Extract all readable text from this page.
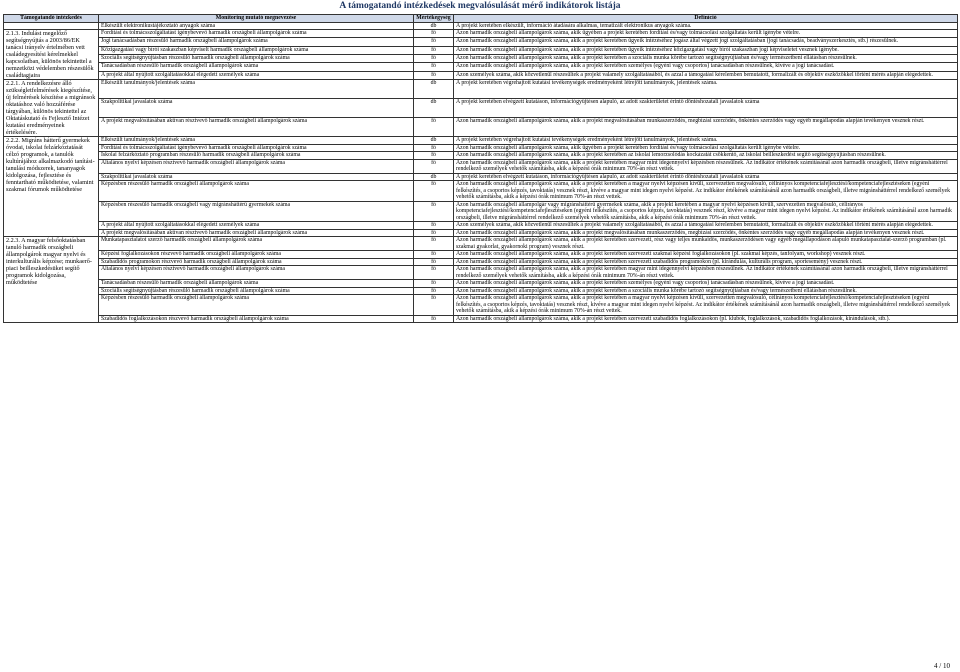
A támogatandó intézkedések megvalósulását mérő indikátorok listája
Támogatandó intézkedés	Monitoring mutató megnevezése	Mértékegység	Definíció
	Elkészült elektronikustájékoztató anyagok száma	db	A projekt keretében elkészült, információ átadására alkalmas, tematizált elektronikus anyagok száma.
2.1.3. Indulást megelőző segítségnyújtás a 2003/86/EK tanácsi irányelv értelmében vett családegyesítési kérelmekkel kapcsolatban, különös tekintettel a nemzetközi védelemben részesülők családtagjaira	Fordítási és tolmácsszolgáltatást igénybevevő harmadik országbeli állampolgárok száma	fő	Azon harmadik országbeli állampolgárok száma, akik ügyében a projekt keretében fordítási és/vagy tolmácsolási szolgáltatás került igénybe vételre.
	Jogi tanácsadásban részesülő harmadik országbeli állampolgárok száma	fő	Azon harmadik országbeli állampolgárok száma, akik a projekt keretében ügyeik intézéséhez jogász által végzett jogi szolgáltatásban (jogi tanácsadás, beadványszerkesztés, stb.) részesülnek.
	Közigazgatási vagy bírói szakaszban képviselt harmadik országbeli állampolgárok száma	fő	Azon harmadik országbeli állampolgárok száma, akik a projekt keretében ügyeik intézéséhez közigazgatási vagy bírói szakaszban jogi képviseletet vesznek igénybe.
	Szociális segítségnyújtásban részesülő harmadik országbeli állampolgárok száma	fő	Azon harmadik országbeli állampolgárok száma, akik a projekt keretében a szociális munka körébe tartozó segítségnyújtásban és/vagy természetbeni ellátásban részesülnek.
	Tanácsadásban részesülő harmadik országbeli állampolgárok száma	fő	Azon harmadik országbeli állampolgárok száma, akik a projekt keretében személyes (egyéni vagy csoportos) tanácsadásban részesülnek, kivéve a jogi tanácsadást.
	A projekt által nyújtott szolgáltatásokkal elégedett személyek száma	fő	Azon személyek száma, akik közvetlenül részesültek a projekt valamely szolgáltatásából, és azzal a támogatási kérelemben bemutatott, formalizált és objektív eszközökkel történt mérés alapján elégedettek.
2.2.1. A rendelkezésre álló szükségletfelmérések kiegészítése, új felmérések készítése a migránsok oktatáshoz való hozzáférése tárgyában, különös tekintettel az Oktatáskutató és Fejlesztő Intézet kutatási eredményeinek értékelésére.	Elkészült tanulmányok/jelentések száma	db	A projekt keretében végrehajtott kutatási tevékenységek eredményeként létrejött tanulmányok, jelentések száma.
	Szakpolitikai javaslatok száma	db	A projekt keretében elvégzett kutatáson, információgyűjtésen alapuló, az adott szakterületet érintő döntéshozatali javaslatok száma
	A projekt megvalósításában aktívan résztvevő harmadik országbeli állampolgárok száma	fő	Azon harmadik országbeli állampolgárok száma, akik a projekt megvalósításában munkaszerződés, megbízási szerződés, önkéntes szerződés vagy egyéb megállapodás alapján tevékenyen vesznek részt.
2.2.2. Migráns hátterű gyermekek óvodai, iskolai felzárkóztatását célzó programok, a tanulók kultúrájához alkalmazkodó tanítási-tanulási módszerek, tananyagok kidolgozása, fejlesztése és fenntartható működtetése, valamint szakmai fórumok működtetése	Elkészült tanulmányok/jelentések száma	db	A projekt keretében végrehajtott kutatási tevékenységek eredményeként létrejött tanulmányok, jelentések száma.
	Fordítási és tolmácsszolgáltatást igénybevevő harmadik országbeli állampolgárok száma	fő	Azon harmadik országbeli állampolgárok száma, akik ügyében a projekt keretében fordítási és/vagy tolmácsolási szolgáltatás került igénybe vételre.
	Iskolai felzárkóztató programban részesülő harmadik országbeli állampolgárok száma	fő	Azon harmadik országbeli állampolgárok száma, akik a projekt keretében az iskolai lemorzsolódás kockázatát csökkentő, az iskolai beilleszkedést segítő segítségnyújtásban részesülnek.
	Általános nyelvi képzésen résztvevő harmadik országbeli állampolgárok száma	fő	Azon harmadik országbeli állampolgárok száma, akik a projekt keretében magyar mint idegennyelvi képzésben részesülnek. Az indikátor értékének számításánál azon harmadik országbeli, illetve migránsháttérrel rendelkező személyek vehetők számításba, akik a képzési órák minimum 70%-án részt vettek.
	Szakpolitikai javaslatok száma	db	A projekt keretében elvégzett kutatáson, információgyűjtésen alapuló, az adott szakterületet érintő döntéshozatali javaslatok száma
	Képzésben részesülő harmadik országbeli állampolgárok száma	fő	Azon harmadik országbeli állampolgárok száma, akik a projekt keretében a magyar nyelvi képzésen kívüli, szervezetten megvalósuló, célirányos kompetenciafejlesztési/kompetenciafejlesztéseken (egyéni felkészítés, a csoportos képzés, tavoktatás) vesznek részt, kivéve a magyar mint idegen nyelvi képzést. Az indikátor értékének számításánál azon harmadik országbeli, illetve migránsháttérrel rendelkező személyek vehetők számításba, akik a képzési órák minimum 70%-án részt vettek.
	Képzésben részesülő harmadik országbeli vagy migránsháttérű gyermekek száma	fő	Azon harmadik országbeli állampolgár vagy migránsháttérű gyermekek száma, akik a projekt keretében a magyar nyelvi képzésen kívüli, szervezetten megvalósuló, célirányos kompetenciafejlesztési/kompetenciafejlesztéseken (egyéni felkészítés, a csoportos képzés, tavoktatás) vesznek részt, kivéve a magyar mint idegen nyelvi képzést. Az indikátor értékének számításánál azon harmadik országbeli, illetve migránsháttérrel rendelkező személyek vehetők számításba, akik a képzési órák minimum 70%-án részt vettek.
	A projekt által nyújtott szolgáltatásokkal elégedett személyek száma	fő	Azon személyek száma, akik közvetlenül részesültek a projekt valamely szolgáltatásából, és azzal a támogatási kérelemben bemutatott, formalizált és objektív eszközökkel történt mérés alapján elégedettek.
	A projekt megvalósításában aktívan résztvevő harmadik országbeli állampolgárok száma	fő	Azon harmadik országbeli állampolgárok száma, akik a projekt megvalósításában munkaszerződés, megbízási szerződés, önkéntes szerződés vagy egyéb megállapodás alapján tevékenyen vesznek részt.
2.2.3. A magyar felsőoktatásban tanuló harmadik országbeli állampolgárok magyar nyelvi és interkulturális képzése; munkaerő-piaci beilleszkedésüket segítő programok kidolgozása, működtetése	Munkatapasztalatot szerző harmadik országbeli állampolgárok száma	fő	Azon harmadik országbeli állampolgárok száma, akik a projekt keretében szervezett, rész vagy teljes munkaidős, munkaszerződésen vagy egyéb megállapodáson alapuló munkatapasztalat-szerző programban (pl. szakmai gyakorlat, gyakornoki program) vesznek részt.
	Képzési foglalkozásokon részvevő harmadik országbeli állampolgárok száma	fő	Azon harmadik országbeli állampolgárok száma, akik a projekt keretében szervezett szakmai képzési foglalkozásokon (pl. szakmai képzés, tanfolyam, workshop) vesznek részt.
	Szabadidős programokon részvevő harmadik országbeli állampolgárok száma	fő	Azon harmadik országbeli állampolgárok száma, akik a projekt keretében szervezett szabadidős programokon (pl. kirándulás, kulturális program, sportesemény) vesznek részt.
	Általános nyelvi képzésen résztvevő harmadik országbeli állampolgárok száma	fő	Azon harmadik országbeli állampolgárok száma, akik a projekt keretében magyar mint idegennyelvi képzésben részesülnek. Az indikátor értékének számításánál azon harmadik országbeli, illetve migránsháttérrel rendelkező személyek vehetők számításba, akik a képzési órák minimum 70%-án részt vettek.
	Tanácsadásban részesülő harmadik országbeli állampolgárok száma	fő	Azon harmadik országbeli állampolgárok száma, akik a projekt keretében személyes (egyéni vagy csoportos) tanácsadásban részesülnek, kivéve a jogi tanácsadást.
	Szociális segítségnyújtásban részesülő harmadik országbeli állampolgárok száma	fő	Azon harmadik országbeli állampolgárok száma, akik a projekt keretében a szociális munka körébe tartozó segítségnyújtásban és/vagy természetbeni ellátásban részesülnek.
	Képzésben részesülő harmadik országbeli állampolgárok száma	fő	Azon harmadik országbeli állampolgárok száma, akik a projekt keretében a magyar nyelvi képzésen kívüli, szervezetten megvalósuló, célirányos kompetenciafejlesztési/kompetenciafejlesztéseken (egyéni felkészítés, a csoportos képzés, tavoktatás) vesznek részt, kivéve a magyar mint idegen nyelvi képzést. Az indikátor értékének számításánál azon harmadik országbeli, illetve migránsháttérrel rendelkező személyek vehetők számításba, akik a képzési órák minimum 70%-án részt vettek.
	Szabadidős foglalkozásokon részvevő harmadik országbeli állampolgárok száma	fő	Azon harmadik országbeli állampolgárok száma, akik a projekt keretében szervezett szabadidős foglalkozásokon (pl. klubok, foglalkozások, szabadidős foglalkozások, kirándulások, stb.).
4 / 10
